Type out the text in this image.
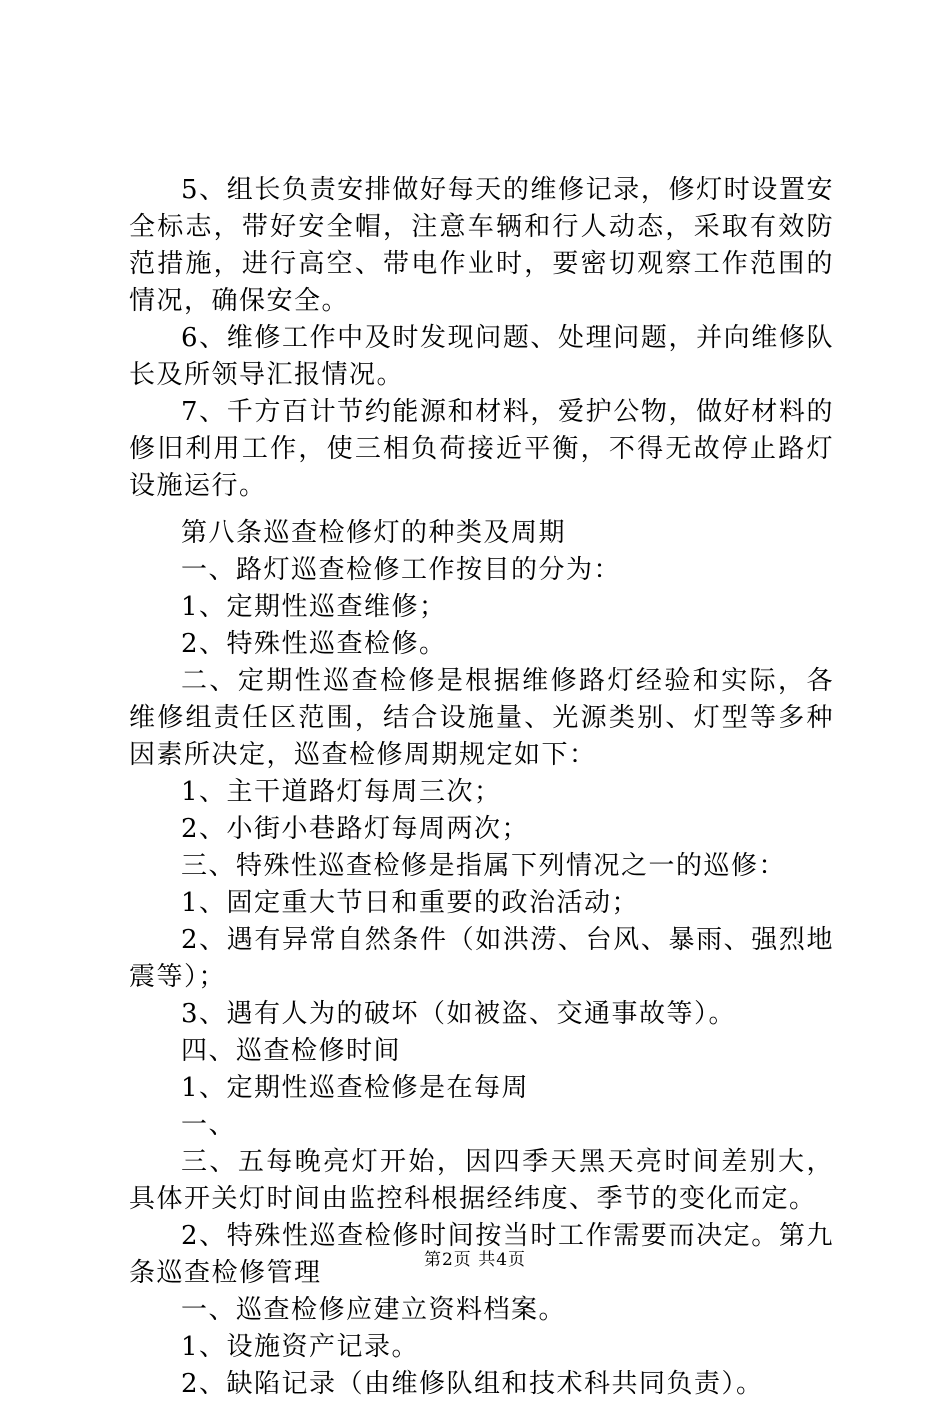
5、组长负责安排做好每天的维修记录，修灯时设置安全标志，带好安全帽，注意车辆和行人动态，采取有效防范措施，进行高空、带电作业时，要密切观察工作范围的情况，确保安全。

6、维修工作中及时发现问题、处理问题，并向维修队长及所领导汇报情况。

7、千方百计节约能源和材料，爱护公物，做好材料的修旧利用工作，使三相负荷接近平衡，不得无故停止路灯设施运行。

第八条巡查检修灯的种类及周期

一、路灯巡查检修工作按目的分为：

1、定期性巡查维修；

2、特殊性巡查检修。

二、定期性巡查检修是根据维修路灯经验和实际，各维修组责任区范围，结合设施量、光源类别、灯型等多种因素所决定，巡查检修周期规定如下：

1、主干道路灯每周三次；

2、小街小巷路灯每周两次；

三、特殊性巡查检修是指属下列情况之一的巡修：

1、固定重大节日和重要的政治活动；

2、遇有异常自然条件（如洪涝、台风、暴雨、强烈地震等）；

3、遇有人为的破坏（如被盗、交通事故等）。

四、巡查检修时间

1、定期性巡查检修是在每周

一、

三、五每晚亮灯开始，因四季天黑天亮时间差别大，具体开关灯时间由监控科根据经纬度、季节的变化而定。

2、特殊性巡查检修时间按当时工作需要而决定。第九条巡查检修管理

一、巡查检修应建立资料档案。

1、设施资产记录。

2、缺陷记录（由维修队组和技术科共同负责）。

第2页 共4页
